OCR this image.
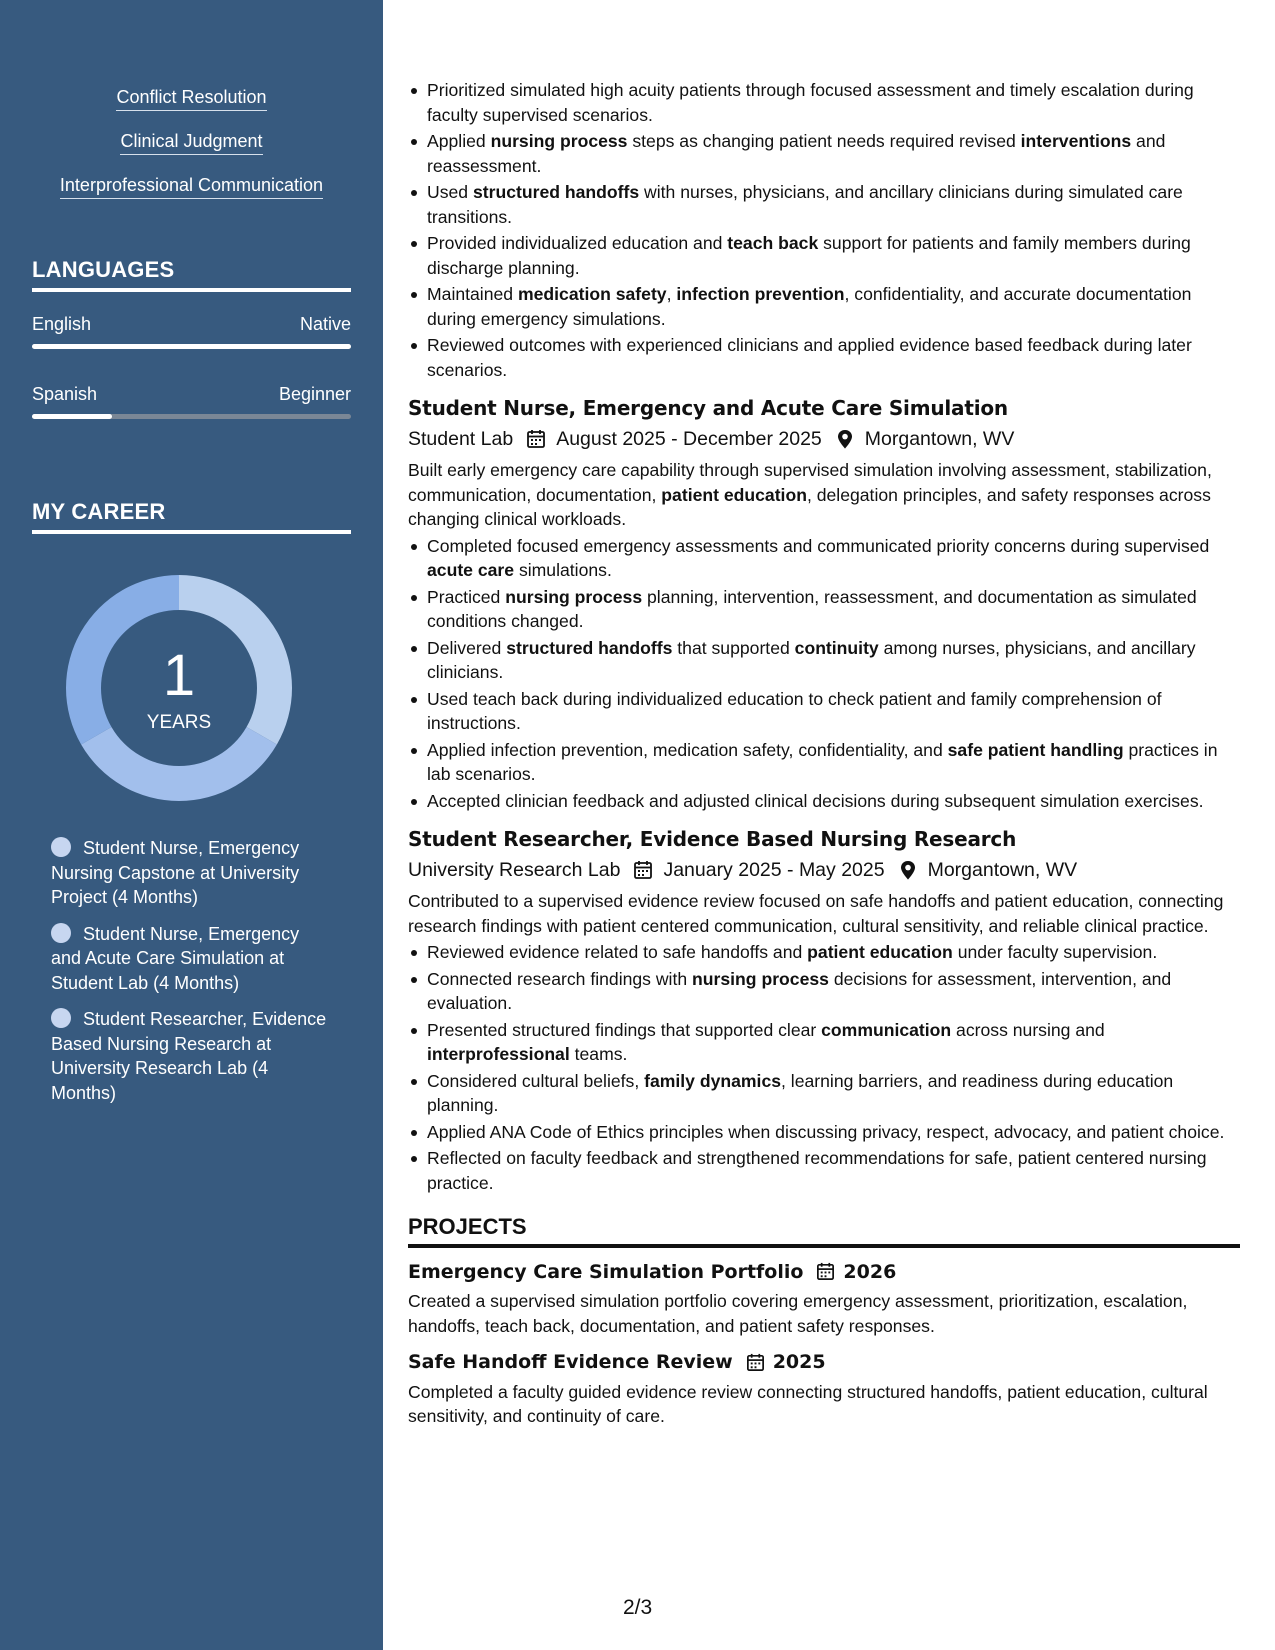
Conflict Resolution
Clinical Judgment
Interprofessional Communication
LANGUAGES
English	Native
Spanish	Beginner
MY CAREER
1
YEARS
Student Nurse, Emergency Nursing Capstone at University Project (4 Months)
Student Nurse, Emergency and Acute Care Simulation at Student Lab (4 Months)
Student Researcher, Evidence Based Nursing Research at University Research Lab (4 Months)
Prioritized simulated high acuity patients through focused assessment and timely escalation during faculty supervised scenarios.
Applied nursing process steps as changing patient needs required revised interventions and reassessment.
Used structured handoffs with nurses, physicians, and ancillary clinicians during simulated care transitions.
Provided individualized education and teach back support for patients and family members during discharge planning.
Maintained medication safety, infection prevention, confidentiality, and accurate documentation during emergency simulations.
Reviewed outcomes with experienced clinicians and applied evidence based feedback during later scenarios.
Student Nurse, Emergency and Acute Care Simulation
Student Lab August 2025 - December 2025 Morgantown, WV
Built early emergency care capability through supervised simulation involving assessment, stabilization, communication, documentation, patient education, delegation principles, and safety responses across changing clinical workloads.
Completed focused emergency assessments and communicated priority concerns during supervised acute care simulations.
Practiced nursing process planning, intervention, reassessment, and documentation as simulated conditions changed.
Delivered structured handoffs that supported continuity among nurses, physicians, and ancillary clinicians.
Used teach back during individualized education to check patient and family comprehension of instructions.
Applied infection prevention, medication safety, confidentiality, and safe patient handling practices in lab scenarios.
Accepted clinician feedback and adjusted clinical decisions during subsequent simulation exercises.
Student Researcher, Evidence Based Nursing Research
University Research Lab January 2025 - May 2025 Morgantown, WV
Contributed to a supervised evidence review focused on safe handoffs and patient education, connecting research findings with patient centered communication, cultural sensitivity, and reliable clinical practice.
Reviewed evidence related to safe handoffs and patient education under faculty supervision.
Connected research findings with nursing process decisions for assessment, intervention, and evaluation.
Presented structured findings that supported clear communication across nursing and interprofessional teams.
Considered cultural beliefs, family dynamics, learning barriers, and readiness during education planning.
Applied ANA Code of Ethics principles when discussing privacy, respect, advocacy, and patient choice.
Reflected on faculty feedback and strengthened recommendations for safe, patient centered nursing practice.
PROJECTS
Emergency Care Simulation Portfolio 2026
Created a supervised simulation portfolio covering emergency assessment, prioritization, escalation, handoffs, teach back, documentation, and patient safety responses.
Safe Handoff Evidence Review 2025
Completed a faculty guided evidence review connecting structured handoffs, patient education, cultural sensitivity, and continuity of care.
2/3
